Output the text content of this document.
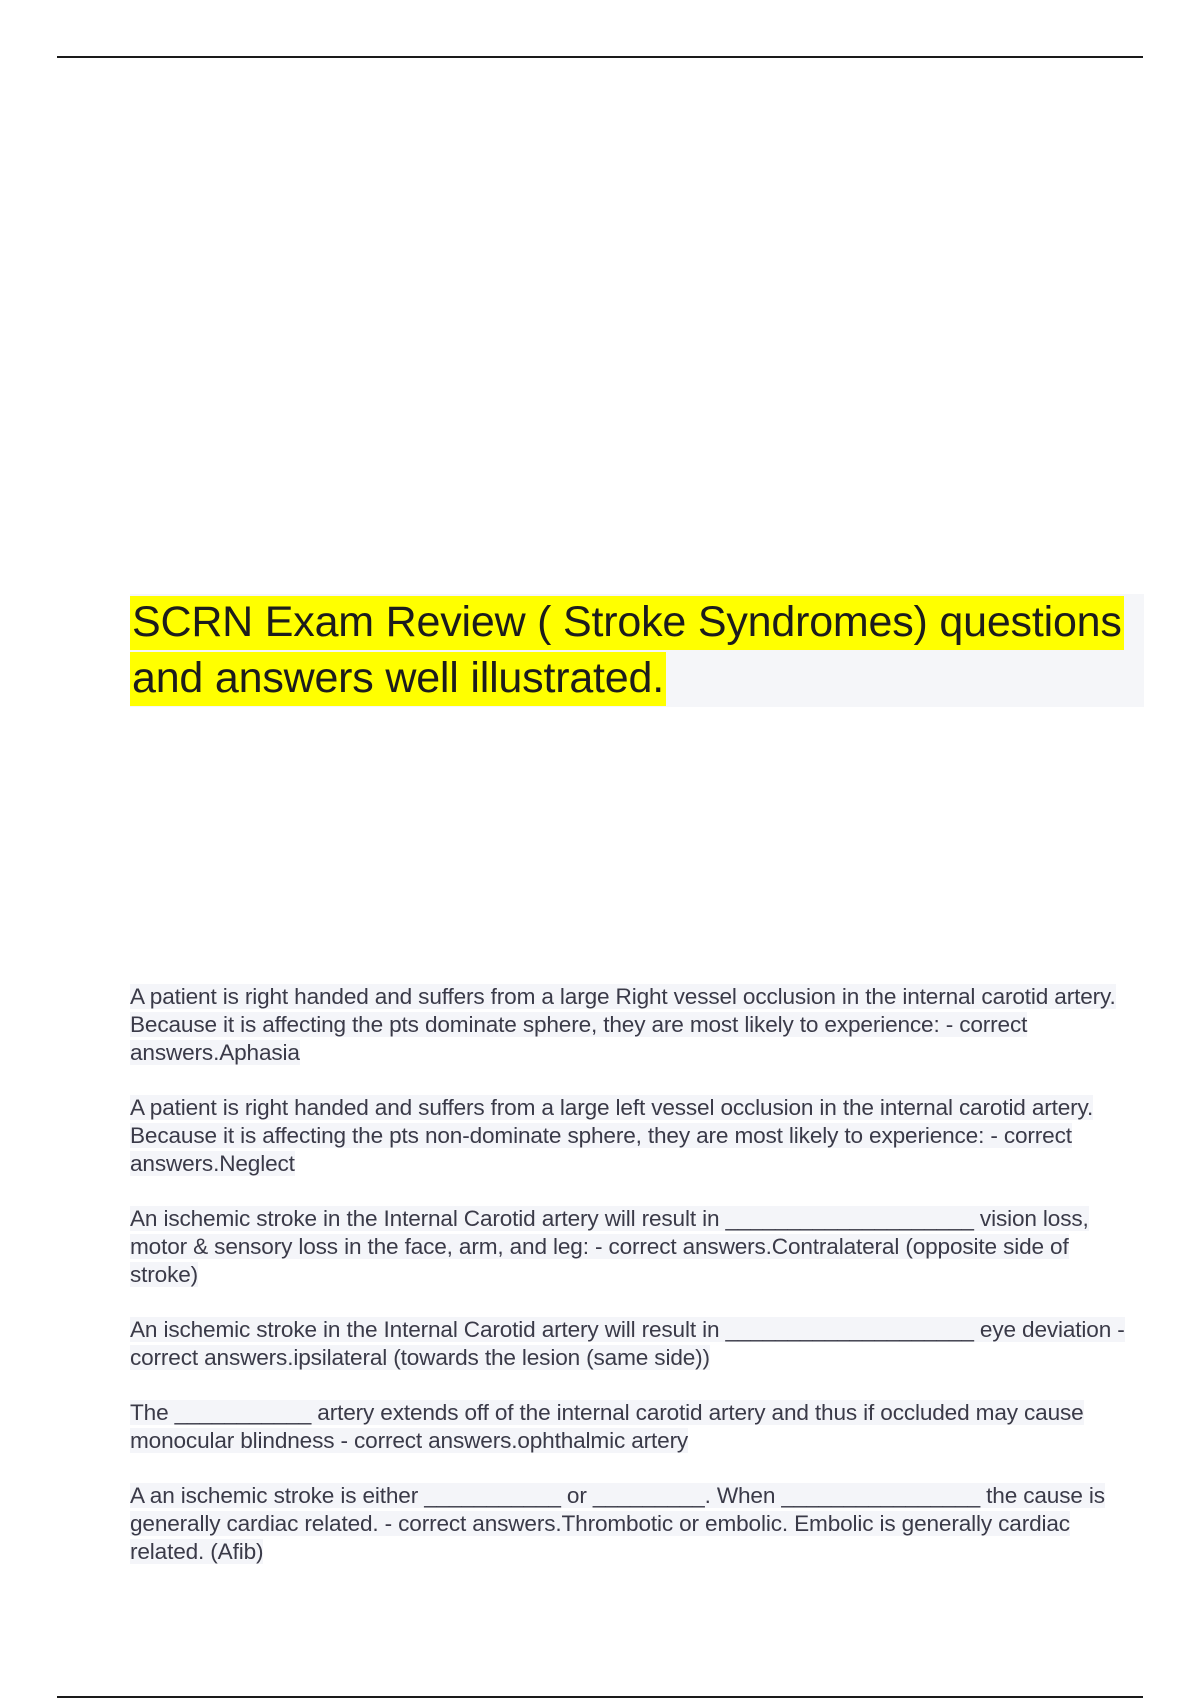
SCRN Exam Review ( Stroke Syndromes) questions and answers well illustrated.
A patient is right handed and suffers from a large Right vessel occlusion in the internal carotid artery. Because it is affecting the pts dominate sphere, they are most likely to experience: - correct answers.Aphasia
A patient is right handed and suffers from a large left vessel occlusion in the internal carotid artery. Because it is affecting the pts non-dominate sphere, they are most likely to experience: - correct answers.Neglect
An ischemic stroke in the Internal Carotid artery will result in ____________________ vision loss, motor & sensory loss in the face, arm, and leg: - correct answers.Contralateral (opposite side of stroke)
An ischemic stroke in the Internal Carotid artery will result in ____________________ eye deviation - correct answers.ipsilateral (towards the lesion (same side))
The ___________ artery extends off of the internal carotid artery and thus if occluded may cause monocular blindness - correct answers.ophthalmic artery
A an ischemic stroke is either ___________ or _________. When ________________ the cause is generally cardiac related. - correct answers.Thrombotic or embolic. Embolic is generally cardiac related. (Afib)
